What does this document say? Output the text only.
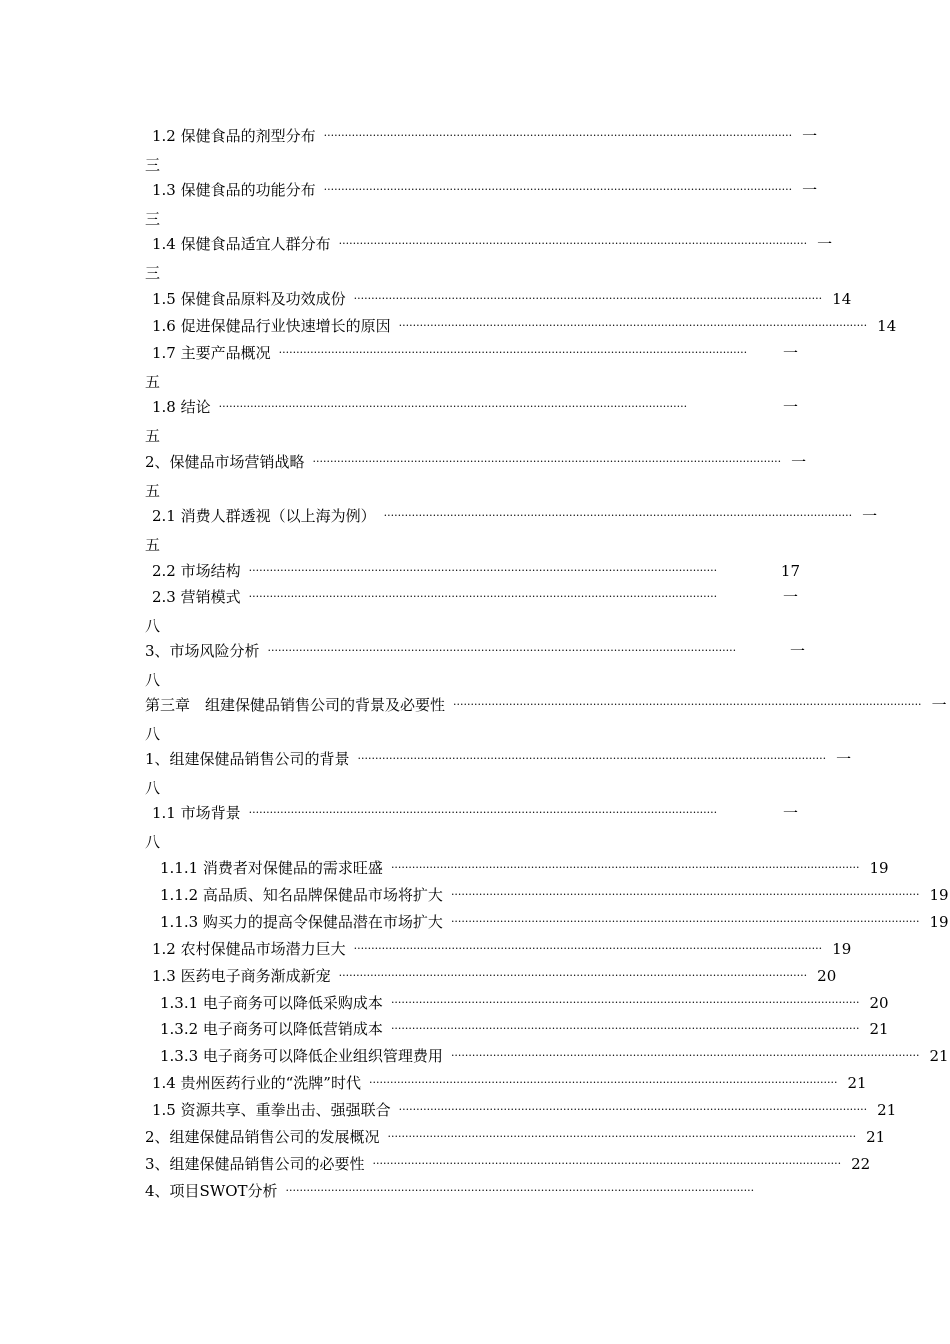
1.2 保健食品的剂型分布 ······································································································································ 一
三
1.3 保健食品的功能分布 ······································································································································ 一
三
1.4 保健食品适宜人群分布 ······································································································································ 一
三
1.5 保健食品原料及功效成份 ······································································································································ 14
1.6 促进保健品行业快速增长的原因 ······································································································································ 14
1.7 主要产品概况 ······································································································································	一
五
1.8 结论 ······································································································································	一
五
2、保健品市场营销战略 ······································································································································ 一
五
2.1 消费人群透视（以上海为例） ······································································································································ 一
五
2.2 市场结构 ······································································································································	17
2.3 营销模式 ······································································································································	一
八
3、市场风险分析 ······································································································································	一
八
第三章　组建保健品销售公司的背景及必要性 ······································································································································ 一
八
1、组建保健品销售公司的背景 ······································································································································ 一
八
1.1 市场背景 ······································································································································	一
八
1.1.1 消费者对保健品的需求旺盛 ······································································································································ 19
1.1.2 高品质、知名品牌保健品市场将扩大 ······································································································································ 19
1.1.3 购买力的提高令保健品潜在市场扩大 ······································································································································ 19
1.2 农村保健品市场潜力巨大 ······································································································································ 19
1.3 医药电子商务渐成新宠 ······································································································································ 20
1.3.1 电子商务可以降低采购成本 ······································································································································ 20
1.3.2 电子商务可以降低营销成本 ······································································································································ 21
1.3.3 电子商务可以降低企业组织管理费用 ······································································································································ 21
1.4 贵州医药行业的“洗牌”时代 ······································································································································ 21
1.5 资源共享、重拳出击、强强联合 ······································································································································ 21
2、组建保健品销售公司的发展概况 ······································································································································ 21
3、组建保健品销售公司的必要性 ······································································································································ 22
4、项目SWOT分析 ······································································································································
